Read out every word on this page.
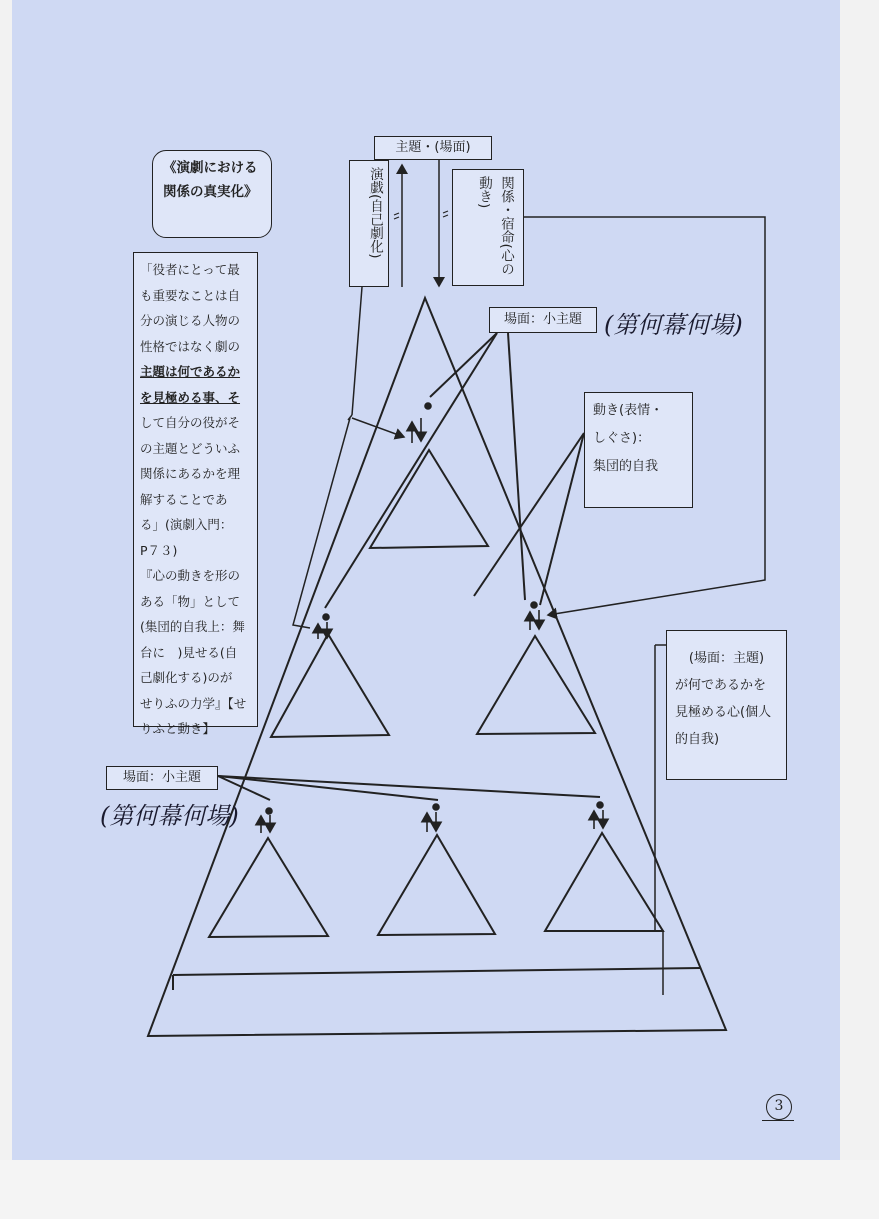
《演劇における関係の真実化》
「役者にとって最
も重要なことは自
分の演じる人物の
性格ではなく劇の
主題は何であるか
を見極める事、そ
して自分の役がそ
の主題とどういふ
関係にあるかを理
解することであ
る」(演劇入門：
P７３)
『心の動きを形の
ある「物」として
(集団的自我上：舞
台に　)見せる(自
己劇化する)のが
せりふの力学』【せ
りふと動き】
主題・(場面)
演戯(自己劇化)	関係・宿命(心の動き)
場面：小主題 (第何幕何場)
動き(表情・
しぐさ)：
集団的自我
(場面：主題)
が何であるかを
見極める心(個人
的自我)
場面：小主題
(第何幕何場)
3
